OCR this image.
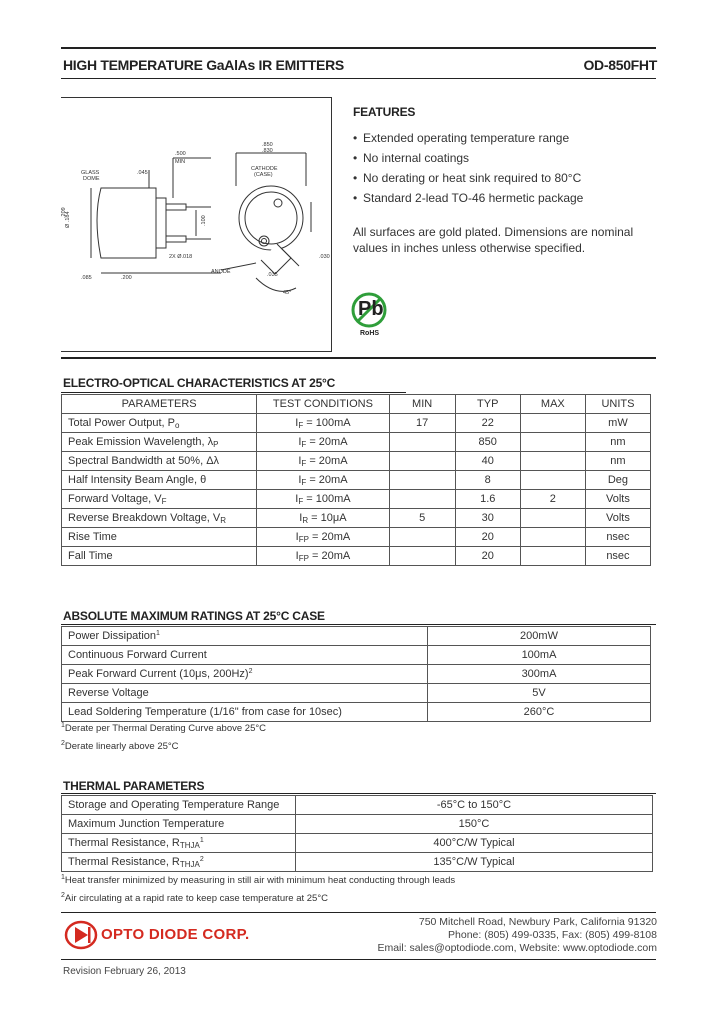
HIGH TEMPERATURE GaAlAs IR EMITTERS	OD-850FHT
.850
.830
GLASS
DOME
Ø .184
.209
.045
.500
MIN
.100
2X Ø.018
CATHODE
(CASE)
ANODE
.030
.035
45°
.085	.200
FEATURES
• Extended operating temperature range
• No internal coatings
• No derating or heat sink required to 80°C
• Standard 2-lead TO-46 hermetic package
All surfaces are gold plated. Dimensions are nominal
values in inches unless otherwise specified.
Pb
RoHS
ELECTRO-OPTICAL CHARACTERISTICS AT 25°C
PARAMETERS	TEST CONDITIONS	MIN	TYP	MAX	UNITS
Total Power Output, $P_o$	$I_F = 100mA$	17	22		mW
Peak Emission Wavelength, $\lambda_P$	$I_F = 20mA$		850		nm
Spectral Bandwidth at 50%, Δλ	$I_F = 20mA$		40		nm
Half Intensity Beam Angle, θ	$I_F = 20mA$		8		Deg
Forward Voltage, $V_F$	$I_F = 100mA$		1.6	2	Volts
Reverse Breakdown Voltage, $V_R$	$I_R = 10\mu A$	5	30		Volts
Rise Time	$I_{FP} = 20mA$		20		nsec
Fall Time	$I_{FP} = 20mA$		20		nsec
ABSOLUTE MAXIMUM RATINGS AT 25°C CASE
Power Dissipation$^1$	200mW
Continuous Forward Current	100mA
Peak Forward Current (10μs, 200Hz)$^2$	300mA
Reverse Voltage	5V
Lead Soldering Temperature (1/16" from case for 10sec)	260°C
$^1$Derate per Thermal Derating Curve above 25°C
$^2$Derate linearly above 25°C
THERMAL PARAMETERS
Storage and Operating Temperature Range	-65°C to 150°C
Maximum Junction Temperature	150°C
Thermal Resistance, $R_{THJA}^1$	400°C/W Typical
Thermal Resistance, $R_{THJA}^2$	135°C/W Typical
$^1$Heat transfer minimized by measuring in still air with minimum heat conducting through leads
$^2$Air circulating at a rapid rate to keep case temperature at 25°C
OPTO DIODE CORP.
750 Mitchell Road, Newbury Park, California 91320
Phone: (805) 499-0335, Fax: (805) 499-8108
Email: sales@optodiode.com, Website: www.optodiode.com
Revision February 26, 2013
